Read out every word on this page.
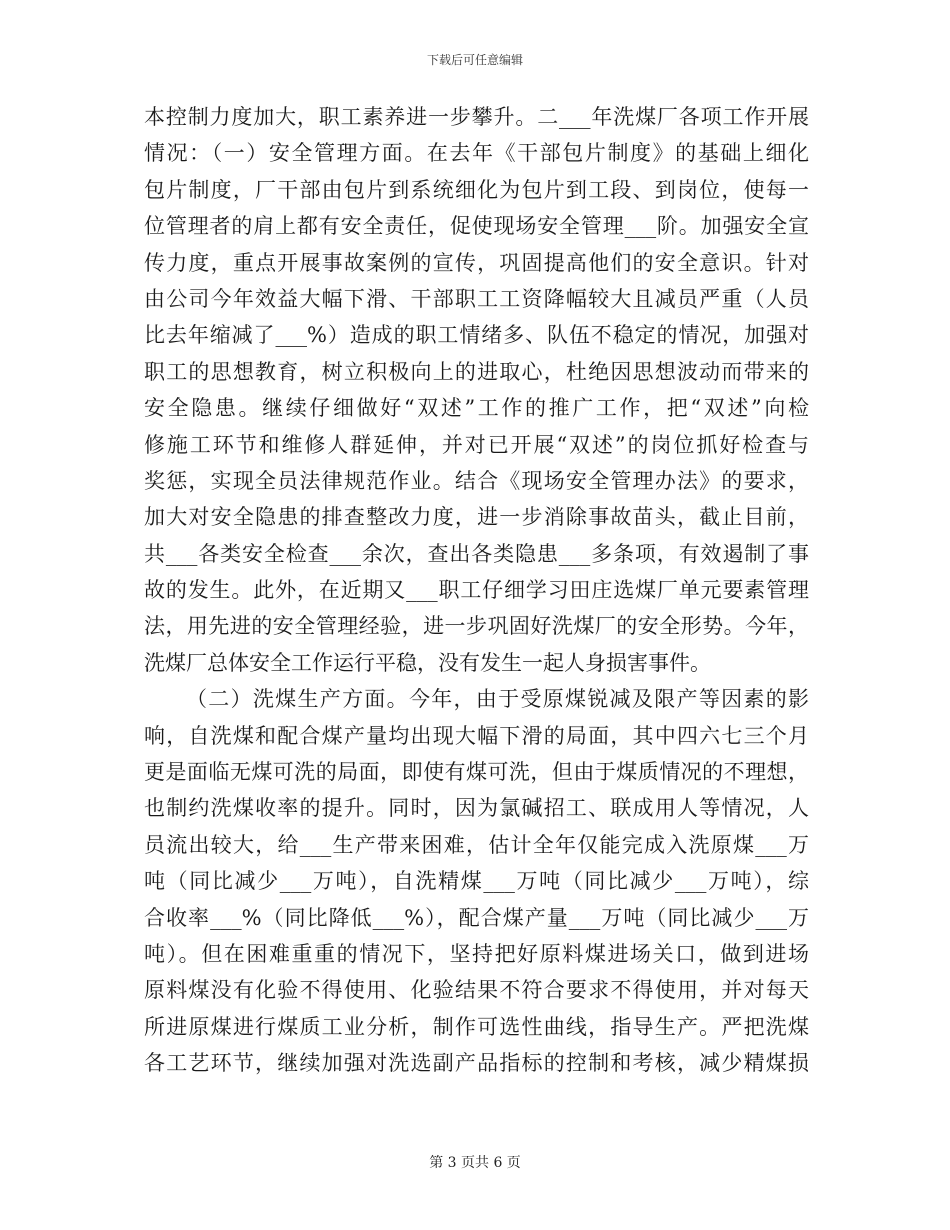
下载后可任意编辑
本控制力度加大，职工素养进一步攀升。二___年洗煤厂各项工作开展
情况：（一）安全管理方面。在去年《干部包片制度》的基础上细化
包片制度，厂干部由包片到系统细化为包片到工段、到岗位，使每一
位管理者的肩上都有安全责任，促使现场安全管理___阶。加强安全宣
传力度，重点开展事故案例的宣传，巩固提高他们的安全意识。针对
由公司今年效益大幅下滑、干部职工工资降幅较大且减员严重（人员
比去年缩减了___%）造成的职工情绪多、队伍不稳定的情况，加强对
职工的思想教育，树立积极向上的进取心，杜绝因思想波动而带来的
安全隐患。继续仔细做好“双述”工作的推广工作，把“双述”向检
修施工环节和维修人群延伸，并对已开展“双述”的岗位抓好检查与
奖惩，实现全员法律规范作业。结合《现场安全管理办法》的要求，
加大对安全隐患的排查整改力度，进一步消除事故苗头，截止目前，
共___各类安全检查___余次，查出各类隐患___多条项，有效遏制了事
故的发生。此外，在近期又___职工仔细学习田庄选煤厂单元要素管理
法，用先进的安全管理经验，进一步巩固好洗煤厂的安全形势。今年，
洗煤厂总体安全工作运行平稳，没有发生一起人身损害事件。
（二）洗煤生产方面。今年，由于受原煤锐减及限产等因素的影
响，自洗煤和配合煤产量均出现大幅下滑的局面，其中四六七三个月
更是面临无煤可洗的局面，即使有煤可洗，但由于煤质情况的不理想，
也制约洗煤收率的提升。同时，因为氯碱招工、联成用人等情况，人
员流出较大，给___生产带来困难，估计全年仅能完成入洗原煤___万
吨（同比减少___万吨），自洗精煤___万吨（同比减少___万吨），综
合收率___%（同比降低___%），配合煤产量___万吨（同比减少___万
吨）。但在困难重重的情况下，坚持把好原料煤进场关口，做到进场
原料煤没有化验不得使用、化验结果不符合要求不得使用，并对每天
所进原煤进行煤质工业分析，制作可选性曲线，指导生产。严把洗煤
各工艺环节，继续加强对洗选副产品指标的控制和考核，减少精煤损
第 3 页共 6 页
